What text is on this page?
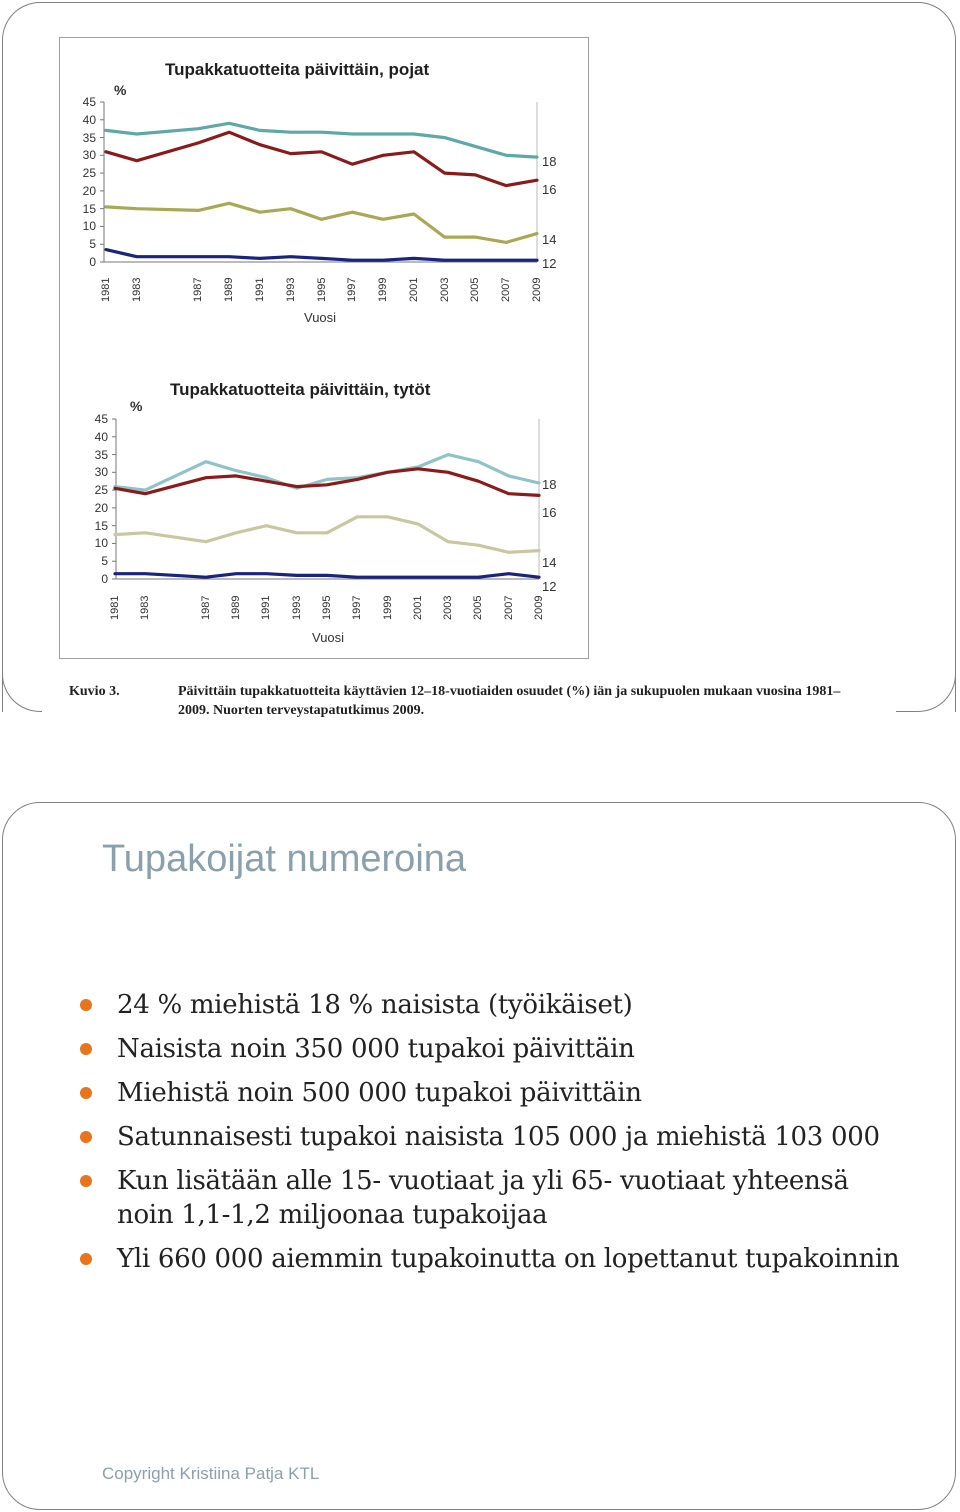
Tupakkatuotteita päivittäin, pojat
%
Vuosi
0
5
10
15
20
25
30
35
40
45
1981 1983	1987 1989 1991 1993 1995 1997 1999 2001 2003 2005 2007 2009
18
16
14
12
Tupakkatuotteita päivittäin, tytöt
%
Vuosi
0
5
10
15
20
25
30
35
40
45
1981 1983	1987 1989 1991 1993 1995 1997 1999 2001 2003 2005 2007 2009
18
16
14
12
Kuvio 3.	Päivittäin tupakkatuotteita käyttävien 12–18-vuotiaiden osuudet (%) iän ja sukupuolen mukaan vuosina 1981–2009. Nuorten terveystapatutkimus 2009.
Tupakoijat numeroina
24 % miehistä 18 % naisista (työikäiset)
Naisista noin 350 000 tupakoi päivittäin
Miehistä noin 500 000 tupakoi päivittäin
Satunnaisesti tupakoi naisista 105 000 ja miehistä 103 000
Kun lisätään alle 15- vuotiaat ja yli 65- vuotiaat yhteensä noin 1,1-1,2 miljoonaa tupakoijaa
Yli 660 000 aiemmin tupakoinutta on lopettanut tupakoinnin
Copyright Kristiina Patja KTL
